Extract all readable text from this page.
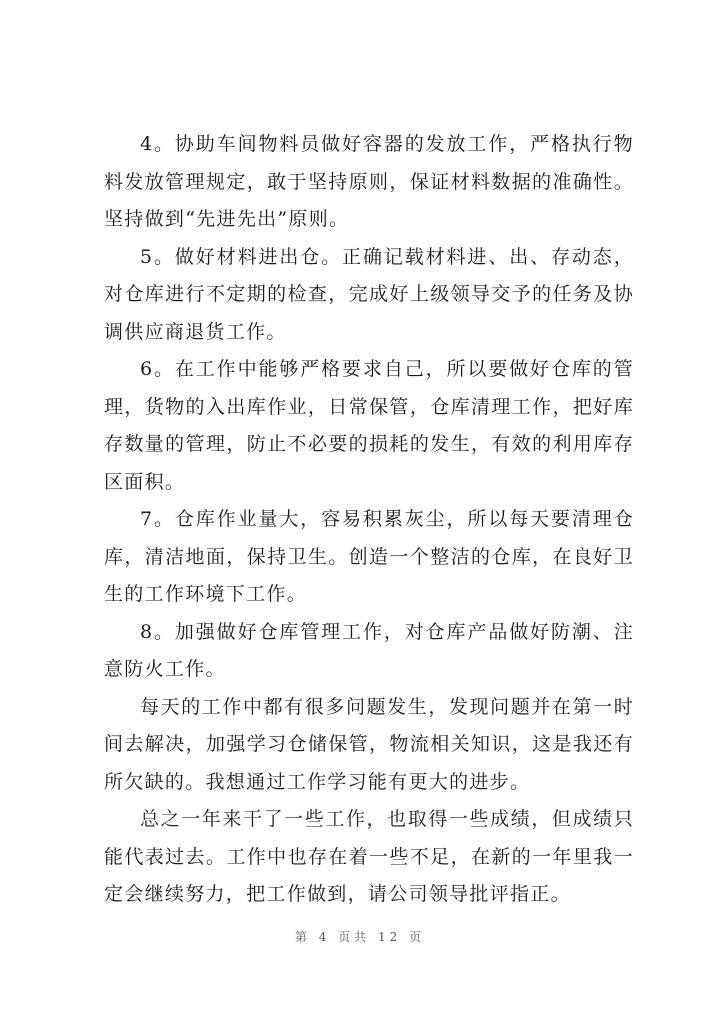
4。协助车间物料员做好容器的发放工作，严格执行物料发放管理规定，敢于坚持原则，保证材料数据的准确性。坚持做到“先进先出”原则。

5。做好材料进出仓。正确记载材料进、出、存动态，对仓库进行不定期的检查，完成好上级领导交予的任务及协调供应商退货工作。

6。在工作中能够严格要求自己，所以要做好仓库的管理，货物的入出库作业，日常保管，仓库清理工作，把好库存数量的管理，防止不必要的损耗的发生，有效的利用库存区面积。

7。仓库作业量大，容易积累灰尘，所以每天要清理仓库，清洁地面，保持卫生。创造一个整洁的仓库，在良好卫生的工作环境下工作。

8。加强做好仓库管理工作，对仓库产品做好防潮、注意防火工作。

每天的工作中都有很多问题发生，发现问题并在第一时间去解决，加强学习仓储保管，物流相关知识，这是我还有所欠缺的。我想通过工作学习能有更大的进步。

总之一年来干了一些工作，也取得一些成绩，但成绩只能代表过去。工作中也存在着一些不足，在新的一年里我一定会继续努力，把工作做到，请公司领导批评指正。

第 4 页共 12 页
